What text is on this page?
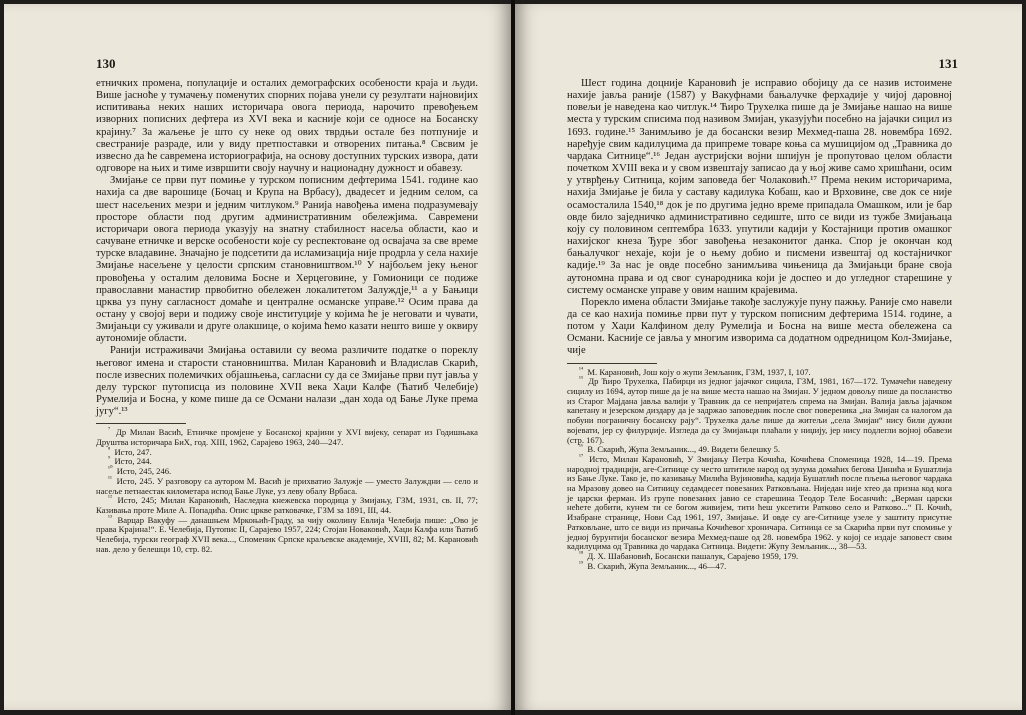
130

етничких промена, популације и осталих демографских особености краја и људи. Више јасноће у тумачењу поменутих спорних појава унели су резултати најновијих испитивања неких наших историчара овога периода, нарочито превођењем изворних пописних дефтера из XVI века и касније који се односе на Босанску крајину.⁷ За жаљење је што су неке од ових тврдњи остале без потпуније и свестраније разраде, или у виду претпоставки и отворених питања.⁸ Свсвим је извесно да ће савремена историографија, на основу доступних турских извора, дати одговоре на њих и тиме извршити своју научну и национадну дужност и обавезу.

Змијање се први пут помиње у турском пописним дефтерима 1541. године као нахија са две варошице (Бочац и Крупа на Врбасу), двадесет и једним селом, са шест насељених мезри и једним читлуком.⁹ Ранија навођења имена подразумевају просторе области под другим административним обележјима. Савремени историчари овога периода указују на знатну стабилност насеља области, као и сачуване етничке и верске особености које су респектоване од освајача за све време турске владавине. Значајно је подсетити да исламизација није продрла у села нахије Змијање насељене у целости српским становништвом.¹⁰ У најбољем јеку њеног провођења у осталим деловима Босне и Херцеговине, у Гомионици се подиже православни манастир првобитно обележен локалитетом Залуждје,¹¹ а у Бањици црква уз пуну сагласност домаће и централне османске управе.¹² Осим права да остану у својој вери и подижу своје институције у којима ће је неговати и чувати, Змијањци су уживали и друге олакшице, о којима ћемо казати нешто више у оквиру аутономије области.

Ранији истраживачи Змијања оставили су веома различите податке о пореклу његовог имена и старости становништва. Милан Карановић и Владислав Скарић, после извесних полемичких објашњења, сагласни су да се Змијање први пут јавља у делу турског путописца из половине XVII века Хаџи Калфе (Ћатиб Челебије) Румелија и Босна, у коме пише да се Османи налази „дан хода од Бање Луке према југу“.¹³

$^{^7}$ Др Милан Васић, Етничке промјене у Босанској крајини у XVI вијеку, сепарат из Годишњака Друштва историчара БиХ, год. XIII, 1962, Сарајево 1963, 240—247.

$^{^8}$ Исто, 247.

$^{^9}$ Исто, 244.

$^{^{10}}$ Исто, 245, 246.

$^{^{11}}$ Исто, 245. У разговору са аутором М. Васић је прихватио Залужје — уместо Залуждни — село и насеље петнаестак километара испод Бање Луке, уз леву обалу Врбаса.

$^{^{12}}$ Исто, 245; Милан Карановић, Наследна кнежевска породица у Змијању, ГЗМ, 1931, св. II, 77; Казивања проте Миле А. Попадића. Опис цркве ратковачке, ГЗМ за 1891, III, 44.

$^{^{13}}$ Варцар Вакуфу — данашњем Мркоњић-Граду, за чију околину Евлија Челебија пише: „Ово је права Крајина!“. Е. Челебија, Путопис II, Сарајево 1957, 224; Стојан Новаковић, Хаџи Калфа или Ћатиб Челебија, турски географ XVII века..., Споменик Српске краљевске академије, XVIII, 82; М. Карановић нав. дело у белешци 10, стр. 82.

131

Шест година доцније Карановић је исправио обојицу да се назив истоимене нахије јавља раније (1587) у Вакуфнами бањалучке ферхадије у чијој даровној повељи је наведена као читлук.¹⁴ Ћиро Трухелка пише да је Змијање нашао на више места у турским списима под називом Змијан, указујући посебно на јајачки сицил из 1693. године.¹⁵ Занимљиво је да босански везир Мехмед-паша 28. новембра 1692. наређује свим кадилуцима да припреме товаре коња са мушицијом од „Травника до чардака Ситнице“.¹⁶ Један аустријски војни шпијун је пропутовао целом области почетком XVIII века и у свом извештају записао да у њој живе само хришћани, осим у утврђењу Ситница, којим заповеда бег Чолаковић.¹⁷ Према неким историчарима, нахија Змијање је била у саставу кадилука Кобаш, као и Врховине, све док се није осамосталила 1540,¹⁸ док је по другима једно време припадала Омашком, или је бар овде било заједничко административно седиште, што се види из тужбе Змијањаца коју су половином септембра 1633. упутили кадији у Костајници против омашког нахијског кнеза Ђуре због завођења незаконитог данка. Спор је окончан код бањалучког нехаје, који је о њему добио и писмени извештај од костајничког кадије.¹⁹ За нас је овде посебно занимљива чињеница да Змијањци бране своја аутономна права и од свог сународника који је доспео и до угледног старешине у систему османске управе у овим нашим крајевима.

Порекло имена области Змијање такође заслужује пуну пажњу. Раније смо навели да се као нахија помиње први пут у турском пописним дефтерима 1514. године, а потом у Хаџи Калфином делу Румелија и Босна на више места обележена са Османи. Касније се јавља у многим изворима са додатном одредницом Кол-Змијање, чије

$^{^{14}}$ М. Карановић, Још коју о жупи Земљаник, ГЗМ, 1937, I, 107.

$^{^{15}}$ Др Ћиро Трухелка, Пабирци из једног јајачког сицила, ГЗМ, 1981, 167—172. Тумачећи наведену сицилу из 1694, аутор пише да је на више места нашао на Змијан. У једном довољу пише да посланство из Старог Мајдана јавља валији у Травник да се непријатељ спрема на Змијан. Валија јавља јајачком капетану и језерском диздару да је задржао заповедник после свог повереника „на Змијан са налогом да побуни пограничну босанску рају“. Трухелка даље пише да житељи „села Змијан“ нису били дужни војевати, јер су филурџије. Изгледа да су Змијањци плаћали у ниџију, јер нису подлегли војној обавези (стр. 167).

$^{^{16}}$ В. Скарић, Жупа Земљаник..., 49. Видети белешку 5.

$^{^{17}}$ Исто, Милан Карановић, У Змијању Петра Кочића, Кочићева Споменица 1928, 14—19. Према народној традицији, аге-Ситнице су често штитиле народ од зулума домаћих бегова Џинића и Бушатлија из Бање Луке. Тако је, по казивању Милића Вујиновића, кадија Бушатлић после пљења његовог чардака на Мразову довео на Ситницу седамдесет повезаних Ратковљана. Ниједан није хтео да призна код кога је царски ферман. Из групе повезаних јавио се старешина Теодор Теле Босанчић: „Верман царски нећете добити, кунем ти се богом живијем, тити ћеш уксетити Ратково село и Ратково...“ П. Кочић, Изабране странице, Нови Сад 1961, 197, Змијање. И овде су аге-Ситнице узеле у заштиту присутне Ратковљане, што се види из причања Кочићевог хроничара. Ситница се за Скарића први пут спомиње у једној бурунтији босанског везира Мехмед-паше од 28. новембра 1962. у којој се издаје заповест свим кадилуцима од Травника до чардака Ситница. Видети: Жупу Земљаник..., 38—53.

$^{^{18}}$ Д. Х. Шабановић, Босански пашалук, Сарајево 1959, 179.

$^{^{19}}$ В. Скарић, Жупа Земљаник..., 46—47.
